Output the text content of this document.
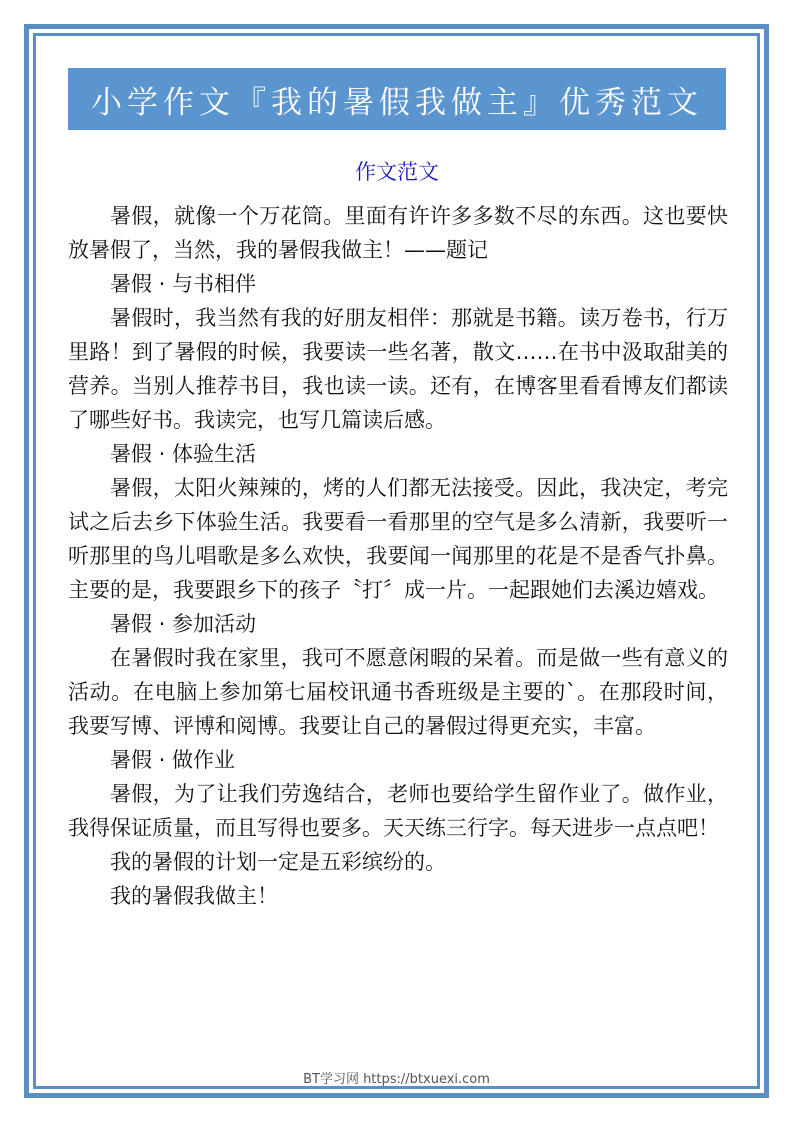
小学作文『我的暑假我做主』优秀范文
作文范文

暑假，就像一个万花筒。里面有许许多多数不尽的东西。这也要快放暑假了，当然，我的暑假我做主！——题记

暑假 · 与书相伴

暑假时，我当然有我的好朋友相伴：那就是书籍。读万卷书，行万里路！到了暑假的时候，我要读一些名著，散文……在书中汲取甜美的营养。当别人推荐书目，我也读一读。还有，在博客里看看博友们都读了哪些好书。我读完，也写几篇读后感。

暑假 · 体验生活

暑假，太阳火辣辣的，烤的人们都无法接受。因此，我决定，考完试之后去乡下体验生活。我要看一看那里的空气是多么清新，我要听一听那里的鸟儿唱歌是多么欢快，我要闻一闻那里的花是不是香气扑鼻。主要的是，我要跟乡下的孩子〝打〞成一片。一起跟她们去溪边嬉戏。

暑假 · 参加活动

在暑假时我在家里，我可不愿意闲暇的呆着。而是做一些有意义的活动。在电脑上参加第七届校讯通书香班级是主要的`。在那段时间，我要写博、评博和阅博。我要让自己的暑假过得更充实，丰富。

暑假 · 做作业

暑假，为了让我们劳逸结合，老师也要给学生留作业了。做作业，我得保证质量，而且写得也要多。天天练三行字。每天进步一点点吧！

我的暑假的计划一定是五彩缤纷的。

我的暑假我做主！

BT学习网 https://btxuexi.com
